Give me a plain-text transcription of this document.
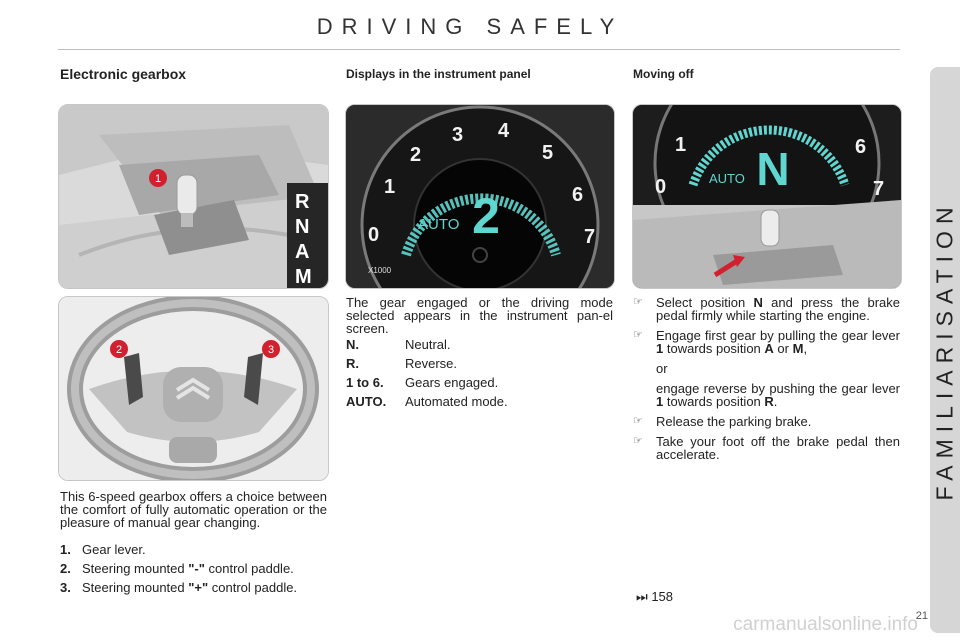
DRIVING SAFELY
FAMILIARISATION
Electronic gearbox	Displays in the instrument panel	Moving off
1
R
N
A
M
2	3
0
1
2
3 4
5
6
7
AUTO 2
X1000
0
1	6
7
AUTO N
This 6-speed gearbox offers a choice between the comfort of fully automatic operation or the pleasure of manual gear changing.
1. Gear lever.
2. Steering mounted "-" control paddle.
3. Steering mounted "+" control paddle.
The gear engaged or the driving mode selected appears in the instrument pan-el screen.
N.	Neutral.
R.	Reverse.
1 to 6.	Gears engaged.
AUTO.	Automated mode.
☞	Select position N and press the brake pedal firmly while starting the engine.
☞	Engage first gear by pulling the gear lever 1 towards position A or M,
or
engage reverse by pushing the gear lever 1 towards position R.
☞	Release the parking brake.
☞	Take your foot off the brake pedal then accelerate.
⏭ 158
21
carmanualsonline.info
